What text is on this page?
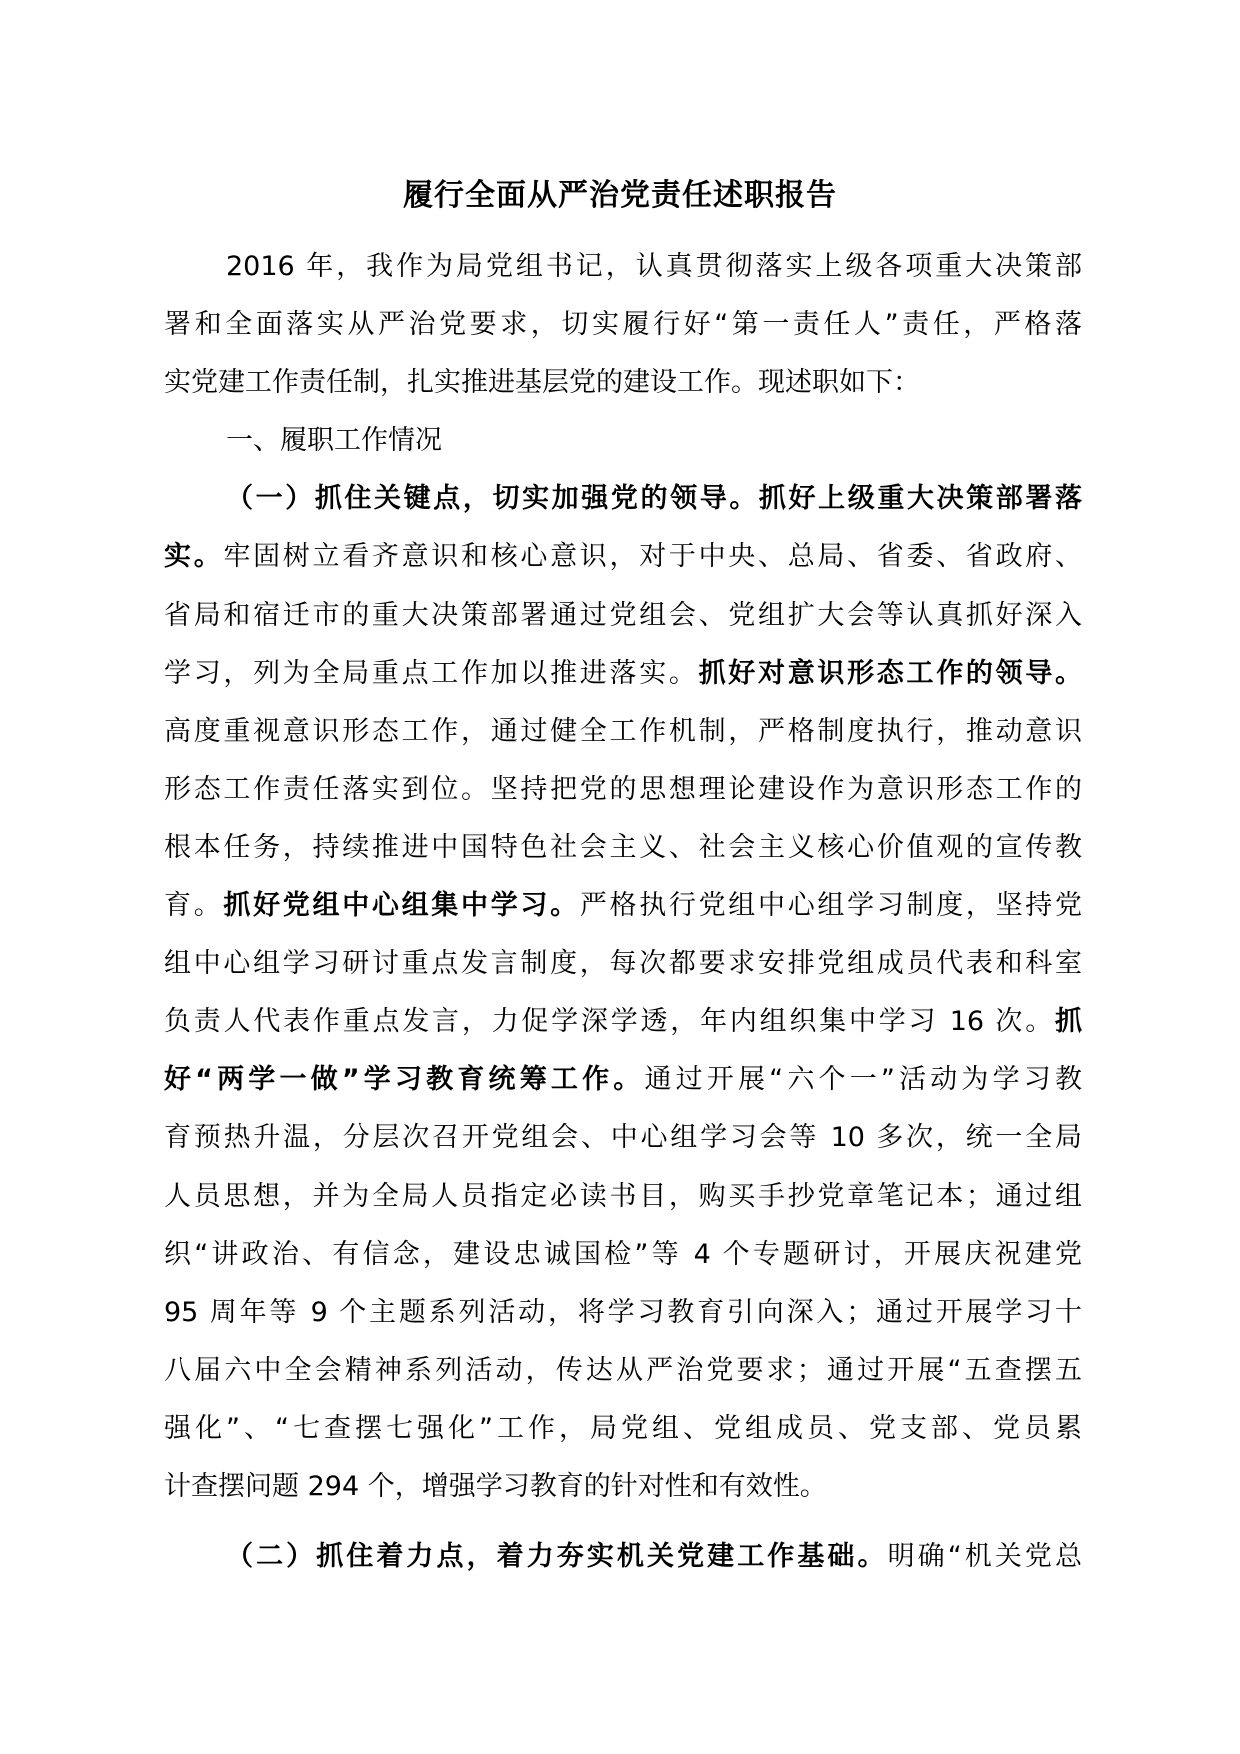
履行全面从严治党责任述职报告
2016 年，我作为局党组书记，认真贯彻落实上级各项重大决策部
署和全面落实从严治党要求，切实履行好“第一责任人”责任，严格落
实党建工作责任制，扎实推进基层党的建设工作。现述职如下：
一、履职工作情况
（一）抓住关键点，切实加强党的领导。抓好上级重大决策部署落
实。牢固树立看齐意识和核心意识，对于中央、总局、省委、省政府、
省局和宿迁市的重大决策部署通过党组会、党组扩大会等认真抓好深入
学习，列为全局重点工作加以推进落实。抓好对意识形态工作的领导。
高度重视意识形态工作，通过健全工作机制，严格制度执行，推动意识
形态工作责任落实到位。坚持把党的思想理论建设作为意识形态工作的
根本任务，持续推进中国特色社会主义、社会主义核心价值观的宣传教
育。抓好党组中心组集中学习。严格执行党组中心组学习制度，坚持党
组中心组学习研讨重点发言制度，每次都要求安排党组成员代表和科室
负责人代表作重点发言，力促学深学透，年内组织集中学习 16 次。抓
好“两学一做”学习教育统筹工作。通过开展“六个一”活动为学习教
育预热升温，分层次召开党组会、中心组学习会等 10 多次，统一全局
人员思想，并为全局人员指定必读书目，购买手抄党章笔记本；通过组
织“讲政治、有信念，建设忠诚国检”等 4 个专题研讨，开展庆祝建党
95 周年等 9 个主题系列活动，将学习教育引向深入；通过开展学习十
八届六中全会精神系列活动，传达从严治党要求；通过开展“五查摆五
强化”、“七查摆七强化”工作，局党组、党组成员、党支部、党员累
计查摆问题 294 个，增强学习教育的针对性和有效性。
（二）抓住着力点，着力夯实机关党建工作基础。明确“机关党总
